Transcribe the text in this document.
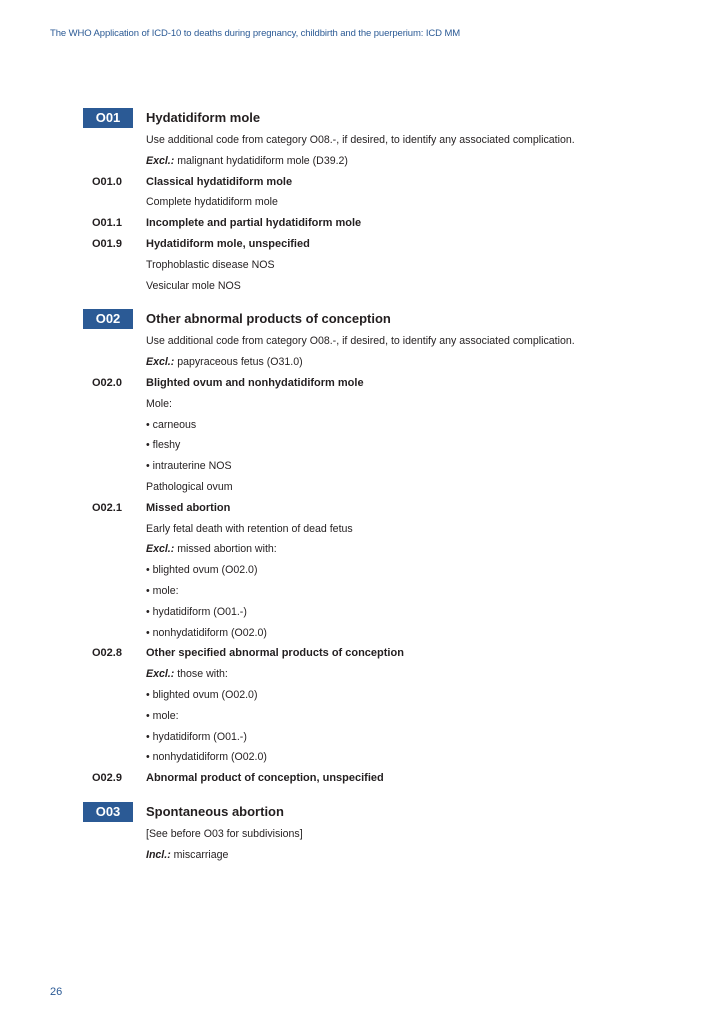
The WHO Application of ICD-10 to deaths during pregnancy, childbirth and the puerperium: ICD MM
O01	Hydatidiform mole
Use additional code from category O08.-, if desired, to identify any associated complication.
Excl.: malignant hydatidiform mole (D39.2)
O01.0 Classical hydatidiform mole
Complete hydatidiform mole
O01.1 Incomplete and partial hydatidiform mole
O01.9 Hydatidiform mole, unspecified
Trophoblastic disease NOS
Vesicular mole NOS
O02	Other abnormal products of conception
Use additional code from category O08.-, if desired, to identify any associated complication.
Excl.: papyraceous fetus (O31.0)
O02.0 Blighted ovum and nonhydatidiform mole
Mole:
• carneous
• fleshy
• intrauterine NOS
Pathological ovum
O02.1 Missed abortion
Early fetal death with retention of dead fetus
Excl.: missed abortion with:
• blighted ovum (O02.0)
• mole:
• hydatidiform (O01.-)
• nonhydatidiform (O02.0)
O02.8 Other specified abnormal products of conception
Excl.: those with:
• blighted ovum (O02.0)
• mole:
• hydatidiform (O01.-)
• nonhydatidiform (O02.0)
O02.9 Abnormal product of conception, unspecified
O03	Spontaneous abortion
[See before O03 for subdivisions]
Incl.: miscarriage
26
